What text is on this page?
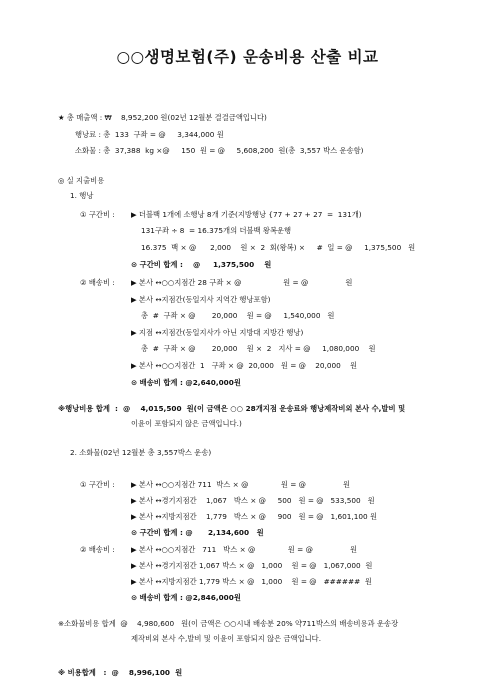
○○생명보험(주) 운송비용 산출 비교
★ 총 매출액 : ₩    8,952,200 원(02년 12월분 결결금액입니다)
행낭료 : 총  133  구좌 = @     3,344,000 원
소화물 : 총  37,388  kg ×@     150  원 = @     5,608,200  원(총  3,557 박스 운송함)
◎ 실 지출비용
1. 행낭
① 구간비 : ▶ 더블백 1개에 소행낭 8개 기준(지방행낭 {77 + 27 + 27  =  131개)
131구좌 ÷ 8  = 16.375개의 더블백 왕복운행
16.375  백 × @      2,000    원 ×  2  회(왕복) ×     #  일 = @     1,375,500   원
⊙ 구간비 합계 :    @     1,375,500    원
② 배송비 : ▶ 본사 ↔○○지점간 28 구좌 × @                  원 = @                원
▶ 본사 ↔지점간(동일지사 지역간 행낭포함)
총  #  구좌 × @       20,000    원 = @     1,540,000   원
▶ 지점 ↔지점간(동일지사가 아닌 지방대 지방간 행낭)
총  #  구좌 × @       20,000    원 ×  2   지사 = @     1,080,000    원
▶ 본사 ↔○○지점간  1   구좌 × @  20,000   원 = @    20,000    원
⊙ 배송비 합계 : @2,640,000원
※행낭비용 합계  :  @    4,015,500  원(이 금액은 ○○ 28개지점 운송료와 행낭제작비외 본사 수,발비 및
이윤이 포함되지 않은 금액입니다.)
2. 소화물(02년 12월분 총 3,557박스 운송)
① 구간비 : ▶ 본사 ↔○○지점간 711  박스 × @              원 = @                원
▶ 본사 ↔경기지점간    1,067   박스 × @     500   원 = @   533,500   원
▶ 본사 ↔지방지점간    1,779   박스 × @     900   원 = @   1,601,100 원
⊙ 구간비 합계 : @      2,134,600   원
② 배송비 : ▶ 본사 ↔○○지점간   711   박스 × @              원 = @                원
▶ 본사 ↔경기지점간 1,067 박스 × @   1,000    원 = @   1,067,000  원
▶ 본사 ↔지방지점간 1,779 박스 × @   1,000    원 = @   ######  원
⊙ 배송비 합계 : @2,846,000원
※소화물비용 합계  @    4,980,600   원(이 금액은 ○○시내 배송분 20% 약711박스의 배송비용과 운송장
제작비외 본사 수,발비 및 이윤이 포함되지 않은 금액입니다.
※ 비용합계   :  @    8,996,100  원
